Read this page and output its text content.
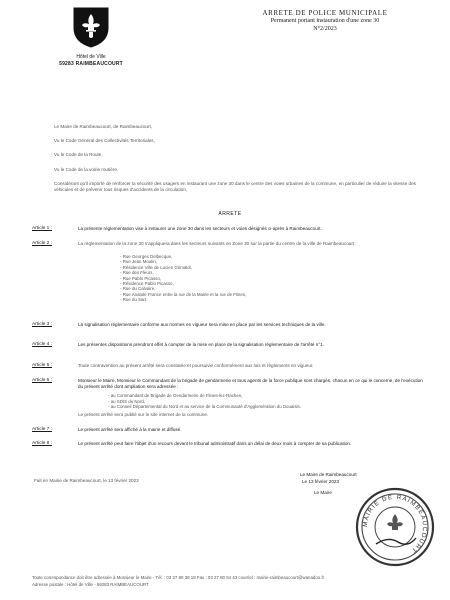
Hôtel de Ville
59283 RAIMBEAUCOURT
ARRETE DE POLICE MUNICIPALE
Permanent portant instauration d'une zone 30
N°2/2023
Le Maire de Raimbeaucourt, de Raimbeaucourt,
Vu le Code Général des Collectivités Territoriales,
Vu le Code de la Route,
Vu le Code de la voirie routière,
Considérant qu'il importe de renforcer la sécurité des usagers en instaurant une zone 30 dans le centre des voies urbaines de la commune, en particulier de réduire la vitesse des véhicules et de prévenir tous risques d'accidents de la circulation,
ARRETE
Article 1 :	La présente réglementation vise à instaurer une zone 30 dans les secteurs et voies désignés ci-après à Raimbeaucourt.
Article 2 :	La règlementation de la zone 30 s'appliquera dans les secteurs suivants en Zone 30 sur la partie du centre de la ville de Raimbeaucourt :
- Rue Georges Delbecque,
- Rue Jean Moulin,
- Résidence Ville de Lucien Grimaldi,
- Rue des Fleurs,
- Rue Pablo Picasso,
- Résidence Pablo Picasso,
- Rue du Calvaire,
- Rue Anatole France entre la rue de la Mairie et la rue de Flines,
- Rue du Sart.
Article 3 :	La signalisation réglementaire conforme aux normes en vigueur sera mise en place par les services techniques de la ville.
Article 4 :	Les présentes dispositions prendront effet à compter de la mise en place de la signalisation réglementaire de l'arrêté n°1.
Article 5 :	Toute contravention au présent arrêté sera constatée et poursuivie conformément aux lois et règlements en vigueur.
Article 6 :	Monsieur le Maire, Monsieur le Commandant de la brigade de gendarmerie et tous agents de la force publique sont chargés, chacun en ce qui le concerne, de l'exécution du présent arrêté dont ampliation sera adressée :
- au Commandant de Brigade de Gendarmerie de Flines-lez-Raches,
- au SDIS du Nord,
- au Conseil Départemental du Nord et au service de la Communauté d'Agglomération du Douaisis.
Le présent arrêté sera publié sur le site internet de la commune.
Article 7 :	Le présent arrêté sera affiché à la mairie et diffusé.
Article 8 :	Le présent arrêté peut faire l'objet d'un recours devant le tribunal administratif dans un délai de deux mois à compter de sa publication.
Fait en Mairie de Raimbeaucourt, le 13 février 2023
Le Maire de Raimbeaucourt
Le 13 février 2023
Le Maire
MAIRIE DE RAIMBEAUCOURT
Toute correspondance doit être adressée à Monsieur le Maire - Tél. : 03 27 80 38 18 Fax : 03 27 80 54 43 courriel : mairie-raimbeaucourt@wanadoo.fr
Adresse postale : Hôtel de Ville - 59283 RAIMBEAUCOURT
